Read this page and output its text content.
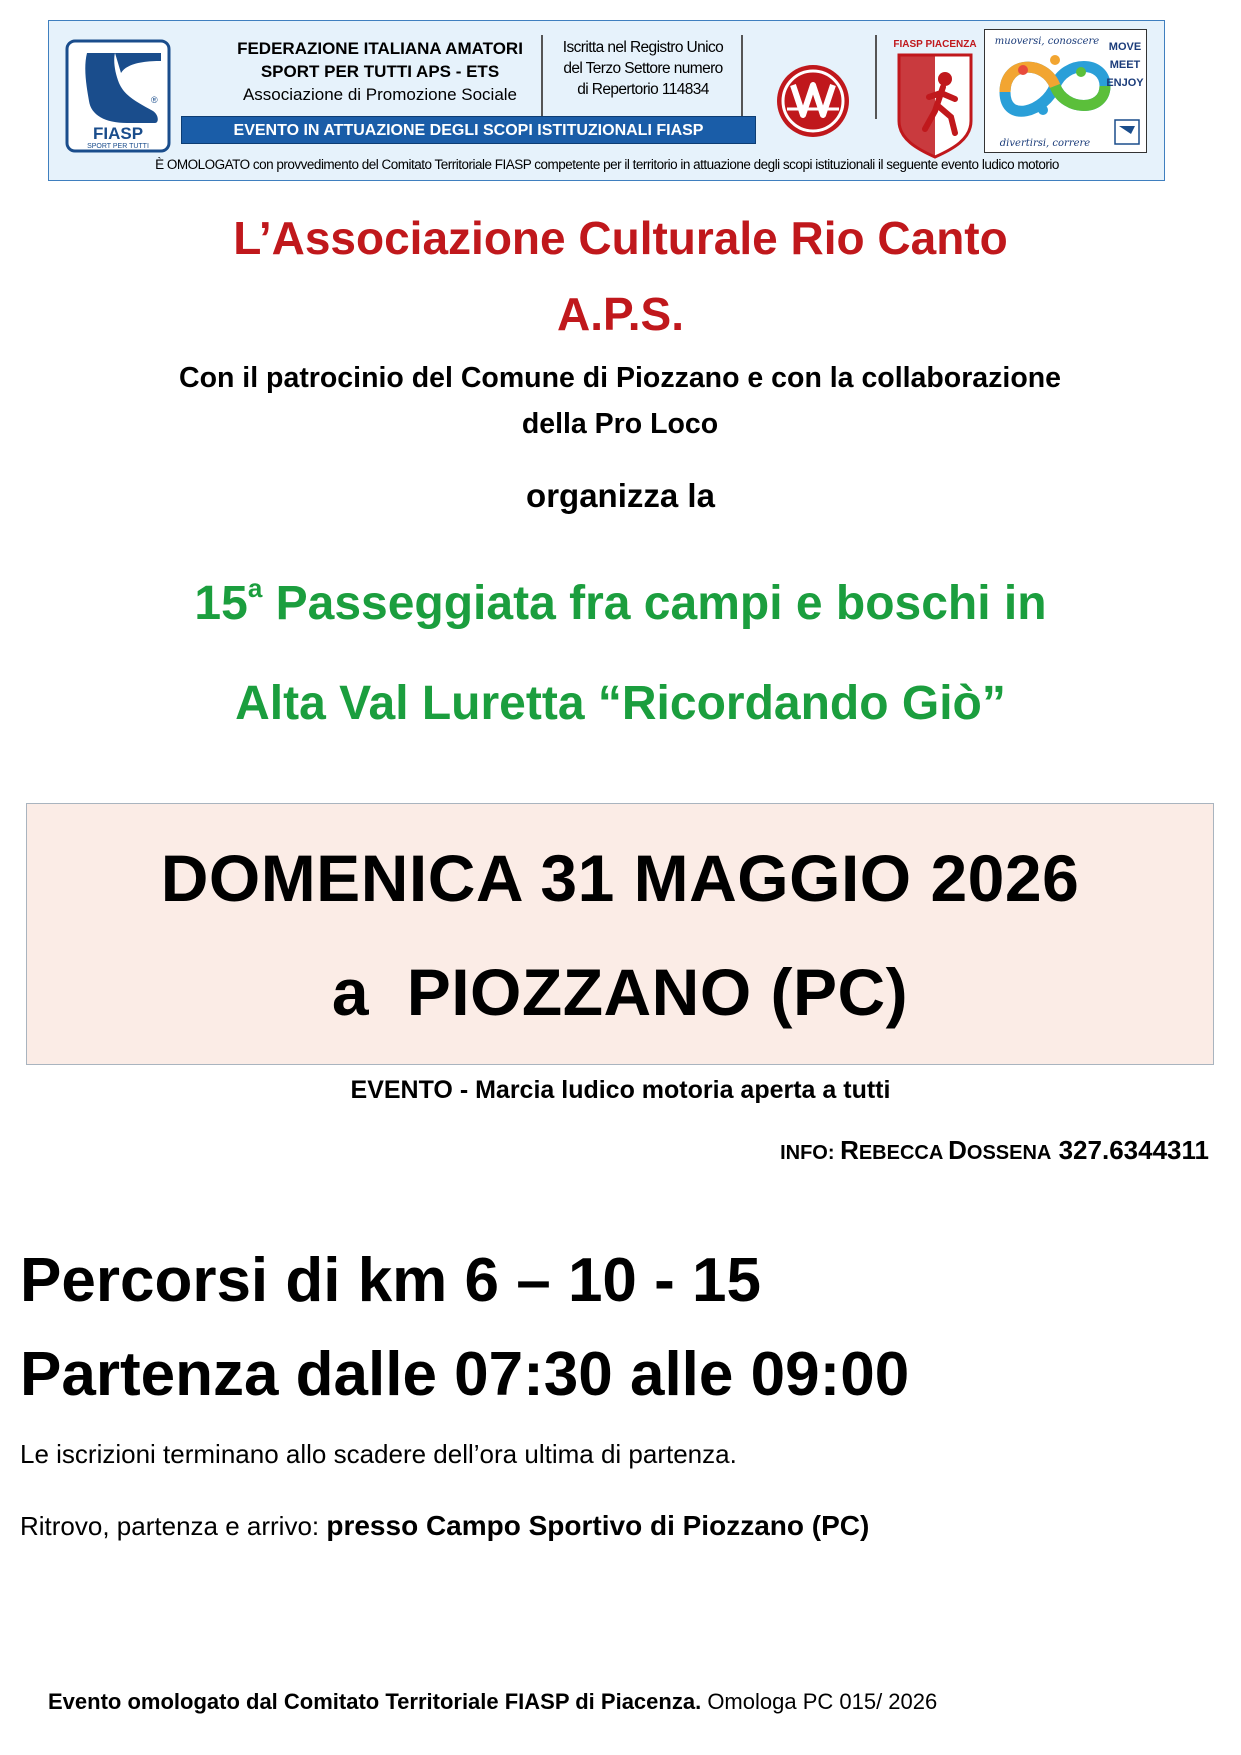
®
FIASP
SPORT PER TUTTI
FEDERAZIONE ITALIANA AMATORI
SPORT PER TUTTI APS - ETS
Associazione di Promozione Sociale
Iscritta nel Registro Unico
del Terzo Settore numero
di Repertorio 114834
EVENTO IN ATTUAZIONE DEGLI SCOPI ISTITUZIONALI FIASP
FIASP PIACENZA muoversi, conoscere MOVE
MEET
ENJOY
divertirsi, correre
È OMOLOGATO con provvedimento del Comitato Territoriale FIASP competente per il territorio in attuazione degli scopi istituzionali il seguente evento ludico motorio
L’Associazione Culturale Rio Canto
A.P.S.
Con il patrocinio del Comune di Piozzano e con la collaborazione
della Pro Loco
organizza la
15$^a$ Passeggiata fra campi e boschi in
Alta Val Luretta “Ricordando Giò”
DOMENICA 31 MAGGIO 2026
a  PIOZZANO (PC)
EVENTO - Marcia ludico motoria aperta a tutti
INFO: REBECCA DOSSENA 327.6344311
Percorsi di km 6 – 10 - 15
Partenza dalle 07:30 alle 09:00
Le iscrizioni terminano allo scadere dell’ora ultima di partenza.
Ritrovo, partenza e arrivo: presso Campo Sportivo di Piozzano (PC)
Evento omologato dal Comitato Territoriale FIASP di Piacenza. Omologa PC 015/ 2026
